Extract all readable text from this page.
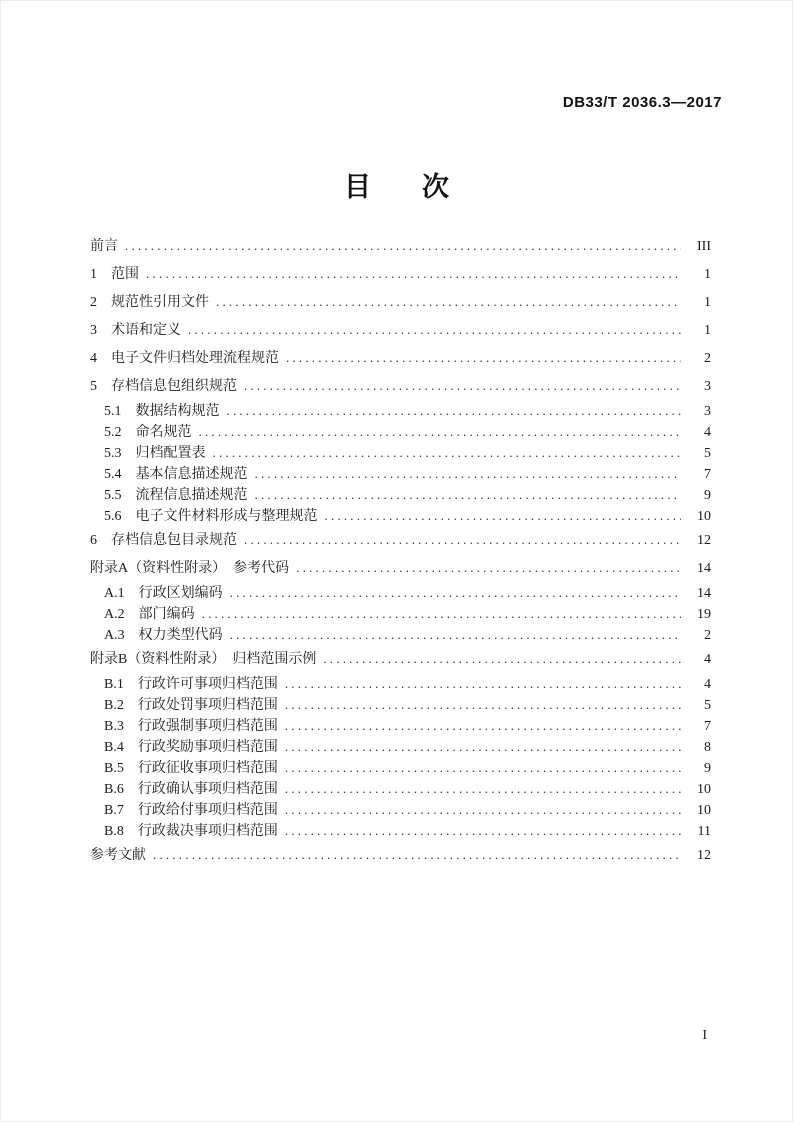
DB33/T 2036.3—2017
目　次
前言 .....	III
1 范围 .....	1
2 规范性引用文件 .....	1
3 术语和定义 .....	1
4 电子文件归档处理流程规范 .....	2
5 存档信息包组织规范 .....	3
5.1 数据结构规范 .....	3
5.2 命名规范 .....	4
5.3 归档配置表 .....	5
5.4 基本信息描述规范 .....	7
5.5 流程信息描述规范 .....	9
5.6 电子文件材料形成与整理规范 .....	10
6 存档信息包目录规范 .....	12
附录A（资料性附录）　参考代码 .....	14
A.1 行政区划编码 .....	14
A.2 部门编码 .....	19
A.3 权力类型代码 .....	2
附录B（资料性附录）　归档范围示例 .....	4
B.1 行政许可事项归档范围 .....	4
B.2 行政处罚事项归档范围 .....	5
B.3 行政强制事项归档范围 .....	7
B.4 行政奖励事项归档范围 .....	8
B.5 行政征收事项归档范围 .....	9
B.6 行政确认事项归档范围 .....	10
B.7 行政给付事项归档范围 .....	10
B.8 行政裁决事项归档范围 .....	11
参考文献 .....	12
I
